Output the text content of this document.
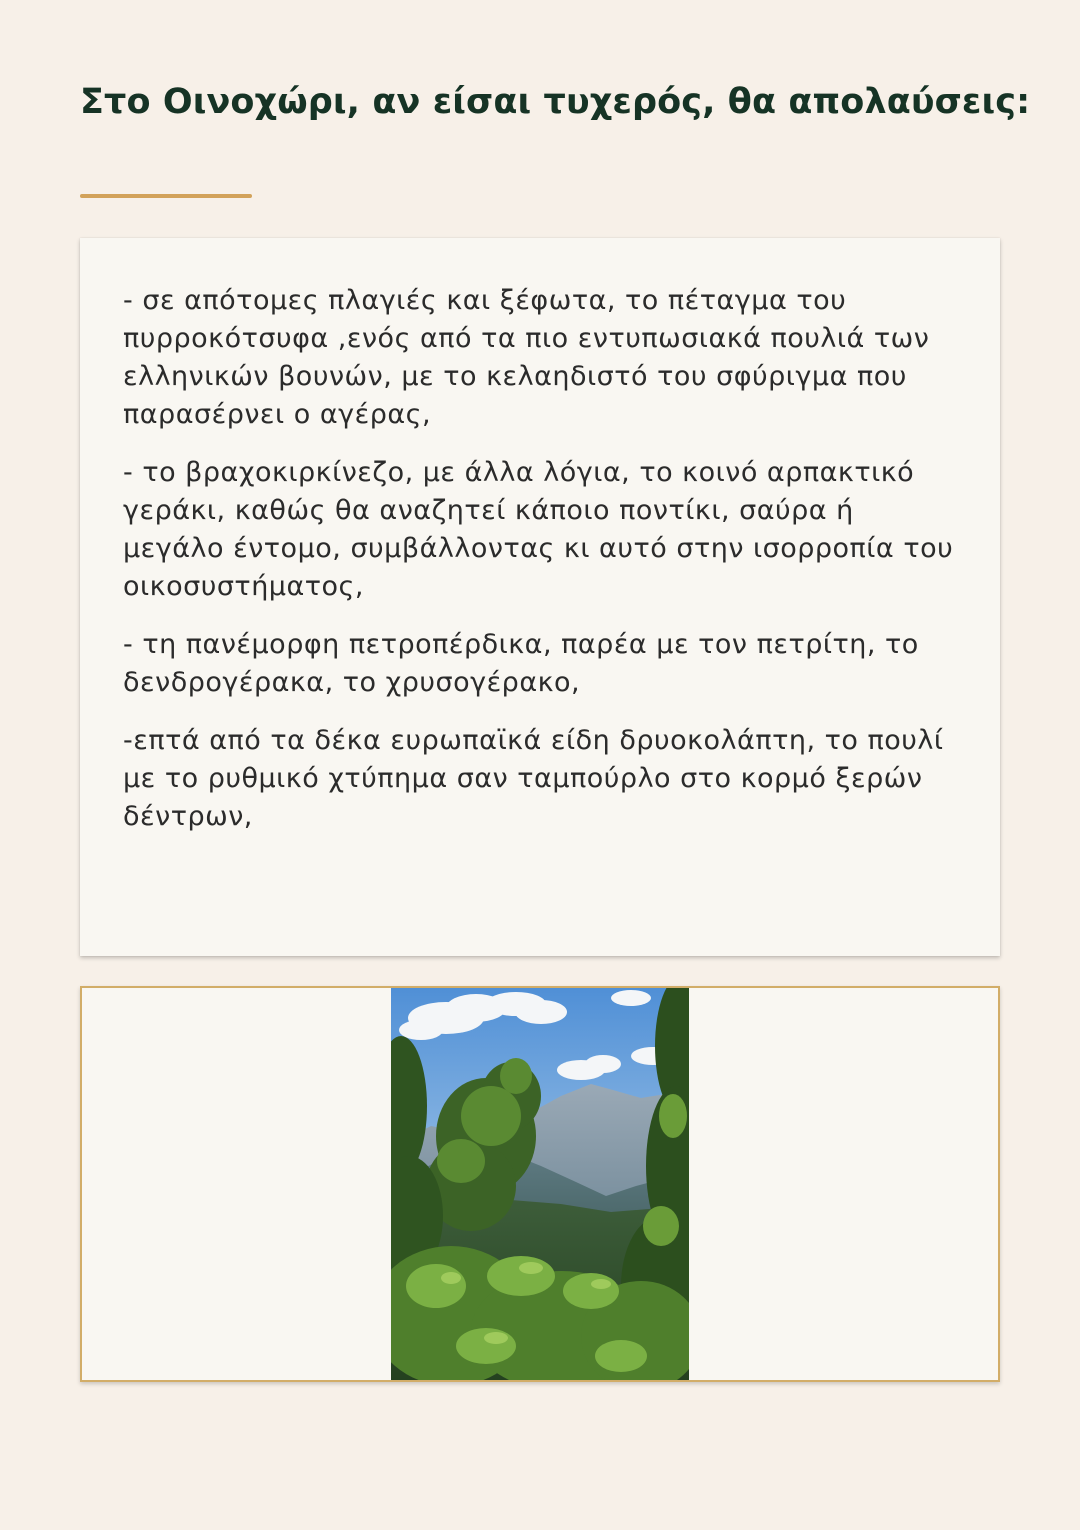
Στο Οινοχώρι, αν είσαι τυχερός, θα απολαύσεις:

- σε απότομες πλαγιές και ξέφωτα, το πέταγμα του πυρροκότσυφα ,ενός από τα πιο εντυπωσιακά πουλιά των ελληνικών βουνών, με το κελαηδιστό του σφύριγμα που παρασέρνει ο αγέρας,

- το βραχοκιρκίνεζο, με άλλα λόγια, το κοινό αρπακτικό γεράκι, καθώς θα αναζητεί κάποιο ποντίκι, σαύρα ή μεγάλο έντομο, συμβάλλοντας κι αυτό στην ισορροπία του οικοσυστήματος,

- τη πανέμορφη πετροπέρδικα, παρέα με τον πετρίτη, το δενδρογέρακα, το χρυσογέρακο,

-επτά από τα δέκα ευρωπαϊκά είδη δρυοκολάπτη, το πουλί με το ρυθμικό χτύπημα σαν ταμπούρλο στο κορμό ξερών δέντρων,
